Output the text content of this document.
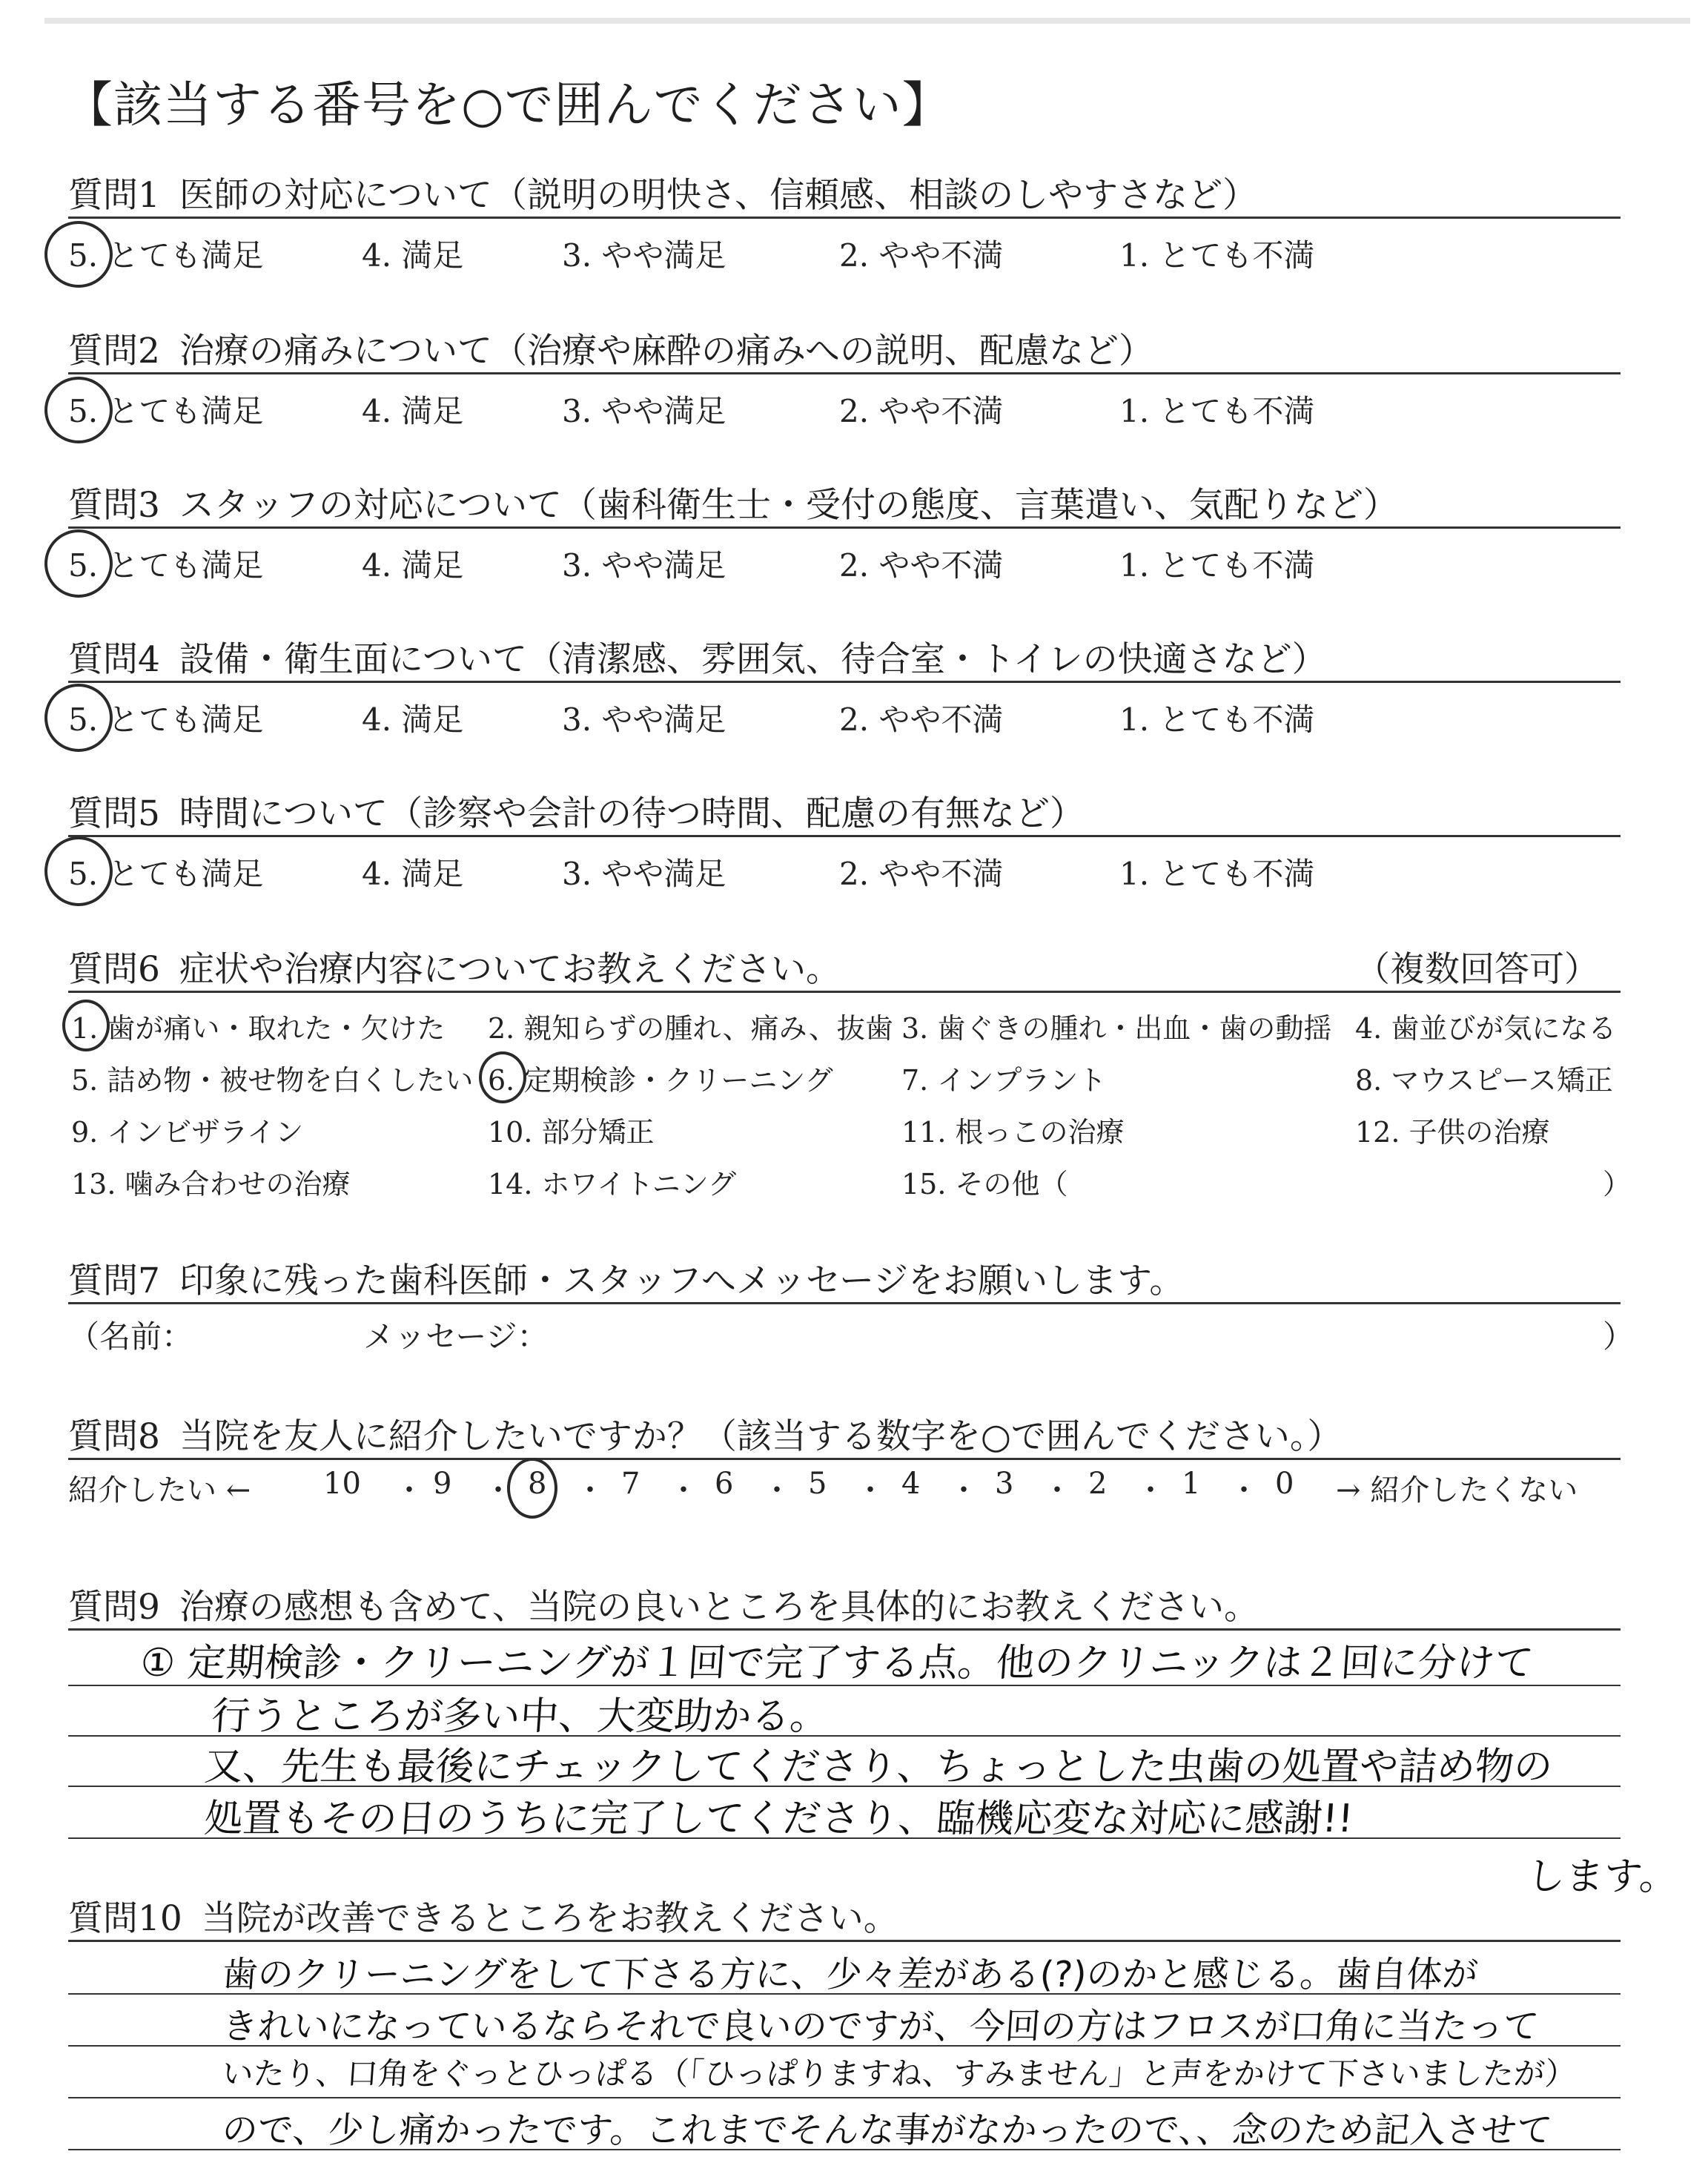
【該当する番号を○で囲んでください】
質問1 医師の対応について（説明の明快さ、信頼感、相談のしやすさなど）
5. とても満足	4. 満足	3. やや満足	2. やや不満	1. とても不満
質問2 治療の痛みについて（治療や麻酔の痛みへの説明、配慮など）
5. とても満足	4. 満足	3. やや満足	2. やや不満	1. とても不満
質問3 スタッフの対応について（歯科衛生士・受付の態度、言葉遣い、気配りなど）
5. とても満足	4. 満足	3. やや満足	2. やや不満	1. とても不満
質問4 設備・衛生面について（清潔感、雰囲気、待合室・トイレの快適さなど）
5. とても満足	4. 満足	3. やや満足	2. やや不満	1. とても不満
質問5 時間について（診察や会計の待つ時間、配慮の有無など）
5. とても満足	4. 満足	3. やや満足	2. やや不満	1. とても不満
質問6 症状や治療内容についてお教えください。	（複数回答可）
1. 歯が痛い・取れた・欠けた 2. 親知らずの腫れ、痛み、抜歯 3. 歯ぐきの腫れ・出血・歯の動揺 4. 歯並びが気になる
5. 詰め物・被せ物を白くしたい 6. 定期検診・クリーニング 7. インプラント	8. マウスピース矯正
9. インビザライン	10. 部分矯正	11. 根っこの治療	12. 子供の治療
13. 噛み合わせの治療	14. ホワイトニング	15. その他（	）
質問7 印象に残った歯科医師・スタッフへメッセージをお願いします。
（名前：	メッセージ：	）
質問8 当院を友人に紹介したいですか？（該当する数字を○で囲んでください。）
紹介したい ← 10 ・ 9 ・ 8 ・ 7 ・ 6 ・ 5 ・ 4 ・ 3 ・ 2 ・ 1 ・ 0 → 紹介したくない
質問9 治療の感想も含めて、当院の良いところを具体的にお教えください。
① 定期検診・クリーニングが１回で完了する点。他のクリニックは２回に分けて
行うところが多い中、大変助かる。
又、先生も最後にチェックしてくださり、ちょっとした虫歯の処置や詰め物の
処置もその日のうちに完了してくださり、臨機応変な対応に感謝!!
します。
質問10 当院が改善できるところをお教えください。
歯のクリーニングをして下さる方に、少々差がある(?)のかと感じる。歯自体が
きれいになっているならそれで良いのですが、今回の方はフロスが口角に当たって
いたり、口角をぐっとひっぱる（「ひっぱりますね、すみません」と声をかけて下さいましたが）
ので、少し痛かったです。これまでそんな事がなかったので、、念のため記入させて
